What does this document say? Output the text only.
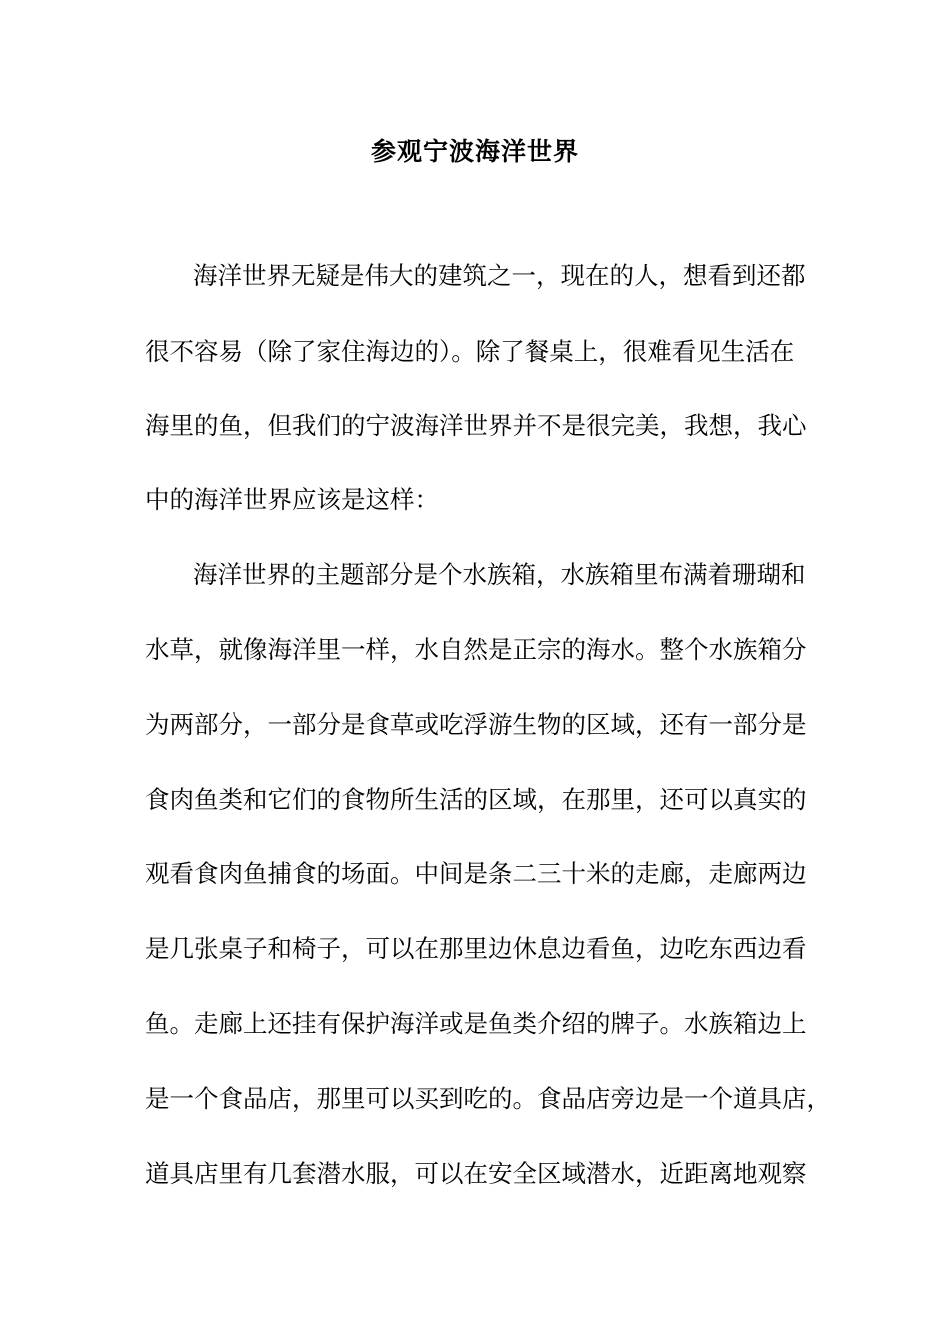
参观宁波海洋世界
海洋世界无疑是伟大的建筑之一，现在的人，想看到还都
很不容易（除了家住海边的）。除了餐桌上，很难看见生活在
海里的鱼，但我们的宁波海洋世界并不是很完美，我想，我心
中的海洋世界应该是这样：
海洋世界的主题部分是个水族箱，水族箱里布满着珊瑚和
水草，就像海洋里一样，水自然是正宗的海水。整个水族箱分
为两部分，一部分是食草或吃浮游生物的区域，还有一部分是
食肉鱼类和它们的食物所生活的区域，在那里，还可以真实的
观看食肉鱼捕食的场面。中间是条二三十米的走廊，走廊两边
是几张桌子和椅子，可以在那里边休息边看鱼，边吃东西边看
鱼。走廊上还挂有保护海洋或是鱼类介绍的牌子。水族箱边上
是一个食品店，那里可以买到吃的。食品店旁边是一个道具店，
道具店里有几套潜水服，可以在安全区域潜水，近距离地观察
